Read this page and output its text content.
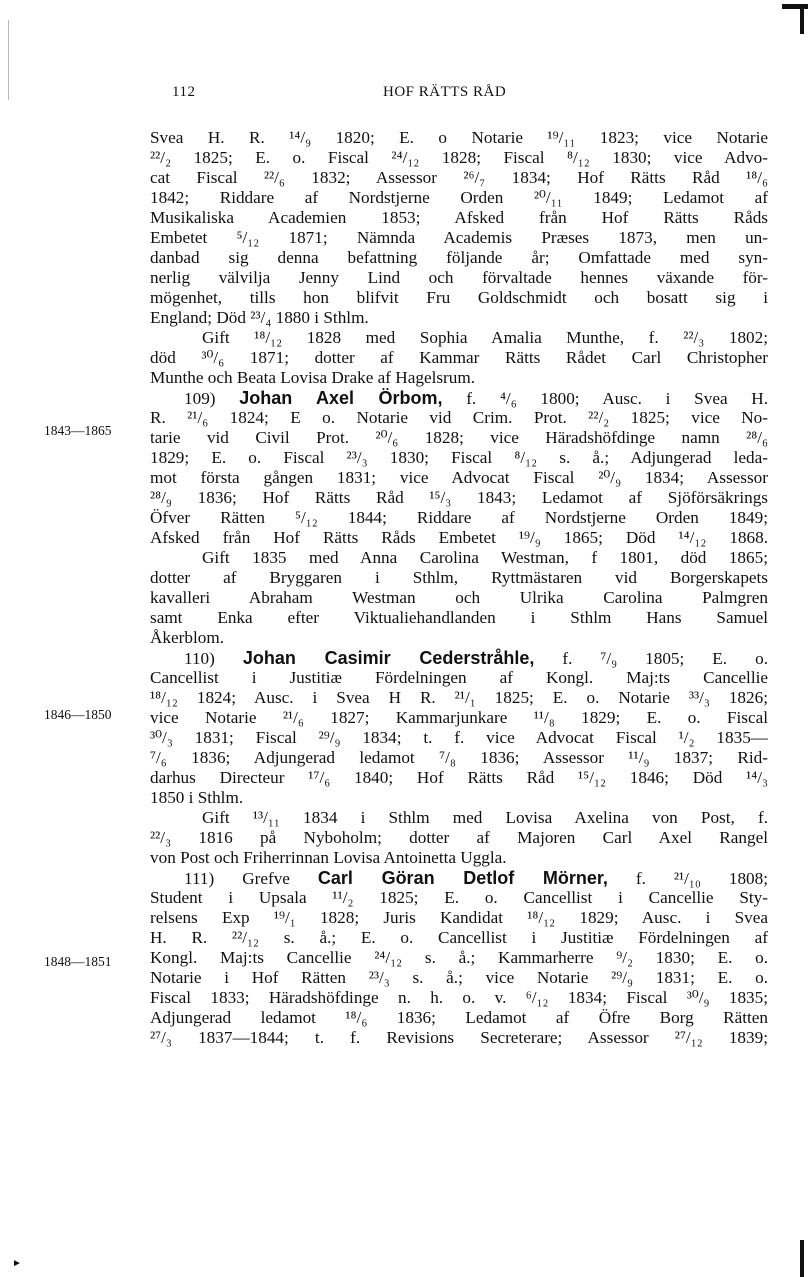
►
112	HOF RÄTTS RÅD
1843—1865
1846—1850
1848—1851
Svea H. R. ¹⁴/₉ 1820; E. o Notarie ¹⁹/₁₁ 1823; vice Notarie
²²/₂ 1825; E. o. Fiscal ²⁴/₁₂ 1828; Fiscal ⁸/₁₂ 1830; vice Advo-
cat Fiscal ²²/₆ 1832; Assessor ²⁶/₇ 1834; Hof Rätts Råd ¹⁸/₆
1842; Riddare af Nordstjerne Orden ²⁰/₁₁ 1849; Ledamot af
Musikaliska Academien 1853; Afsked från Hof Rätts Råds
Embetet ⁵/₁₂ 1871; Nämnda Academis Præses 1873, men un-
danbad sig denna befattning följande år; Omfattade med syn-
nerlig välvilja Jenny Lind och förvaltade hennes växande för-
mögenhet, tills hon blifvit Fru Goldschmidt och bosatt sig i
England; Död ²³/₄ 1880 i Sthlm.
Gift ¹⁸/₁₂ 1828 med Sophia Amalia Munthe, f. ²²/₃ 1802;
död ³⁰/₆ 1871; dotter af Kammar Rätts Rådet Carl Christopher
Munthe och Beata Lovisa Drake af Hagelsrum.
109) Johan Axel Örbom, f. ⁴/₆ 1800; Ausc. i Svea H.
R. ²¹/₆ 1824; E o. Notarie vid Crim. Prot. ²²/₂ 1825; vice No-
tarie vid Civil Prot. ²⁰/₆ 1828; vice Häradshöfdinge namn ²⁸/₆
1829; E. o. Fiscal ²³/₃ 1830; Fiscal ⁸/₁₂ s. å.; Adjungerad leda-
mot första gången 1831; vice Advocat Fiscal ²⁰/₉ 1834; Assessor
²⁸/₉ 1836; Hof Rätts Råd ¹⁵/₃ 1843; Ledamot af Sjöförsäkrings
Öfver Rätten ⁵/₁₂ 1844; Riddare af Nordstjerne Orden 1849;
Afsked från Hof Rätts Råds Embetet ¹⁹/₉ 1865; Död ¹⁴/₁₂ 1868.
Gift 1835 med Anna Carolina Westman, f 1801, död 1865;
dotter af Bryggaren i Sthlm, Ryttmästaren vid Borgerskapets
kavalleri Abraham Westman och Ulrika Carolina Palmgren
samt Enka efter Viktualiehandlanden i Sthlm Hans Samuel
Åkerblom.
110) Johan Casimir Cederstråhle, f. ⁷/₉ 1805; E. o.
Cancellist i Justitiæ Fördelningen af Kongl. Maj:ts Cancellie
¹⁸/₁₂ 1824; Ausc. i Svea H R. ²¹/₁ 1825; E. o. Notarie ³³/₃ 1826;
vice Notarie ²¹/₆ 1827; Kammarjunkare ¹¹/₈ 1829; E. o. Fiscal
³⁰/₃ 1831; Fiscal ²⁹/₉ 1834; t. f. vice Advocat Fiscal ¹/₂ 1835—
⁷/₆ 1836; Adjungerad ledamot ⁷/₈ 1836; Assessor ¹¹/₉ 1837; Rid-
darhus Directeur ¹⁷/₆ 1840; Hof Rätts Råd ¹⁵/₁₂ 1846; Död ¹⁴/₃
1850 i Sthlm.
Gift ¹³/₁₁ 1834 i Sthlm med Lovisa Axelina von Post, f.
²²/₃ 1816 på Nyboholm; dotter af Majoren Carl Axel Rangel
von Post och Friherrinnan Lovisa Antoinetta Uggla.
111) Grefve Carl Göran Detlof Mörner, f. ²¹/₁₀ 1808;
Student i Upsala ¹¹/₂ 1825; E. o. Cancellist i Cancellie Sty-
relsens Exp ¹⁹/₁ 1828; Juris Kandidat ¹⁸/₁₂ 1829; Ausc. i Svea
H. R. ²²/₁₂ s. å.; E. o. Cancellist i Justitiæ Fördelningen af
Kongl. Maj:ts Cancellie ²⁴/₁₂ s. å.; Kammarherre ⁹/₂ 1830; E. o.
Notarie i Hof Rätten ²³/₃ s. å.; vice Notarie ²⁹/₉ 1831; E. o.
Fiscal 1833; Häradshöfdinge n. h. o. v. ⁶/₁₂ 1834; Fiscal ³⁰/₉ 1835;
Adjungerad ledamot ¹⁸/₆ 1836; Ledamot af Öfre Borg Rätten
²⁷/₃ 1837—1844; t. f. Revisions Secreterare; Assessor ²⁷/₁₂ 1839;
